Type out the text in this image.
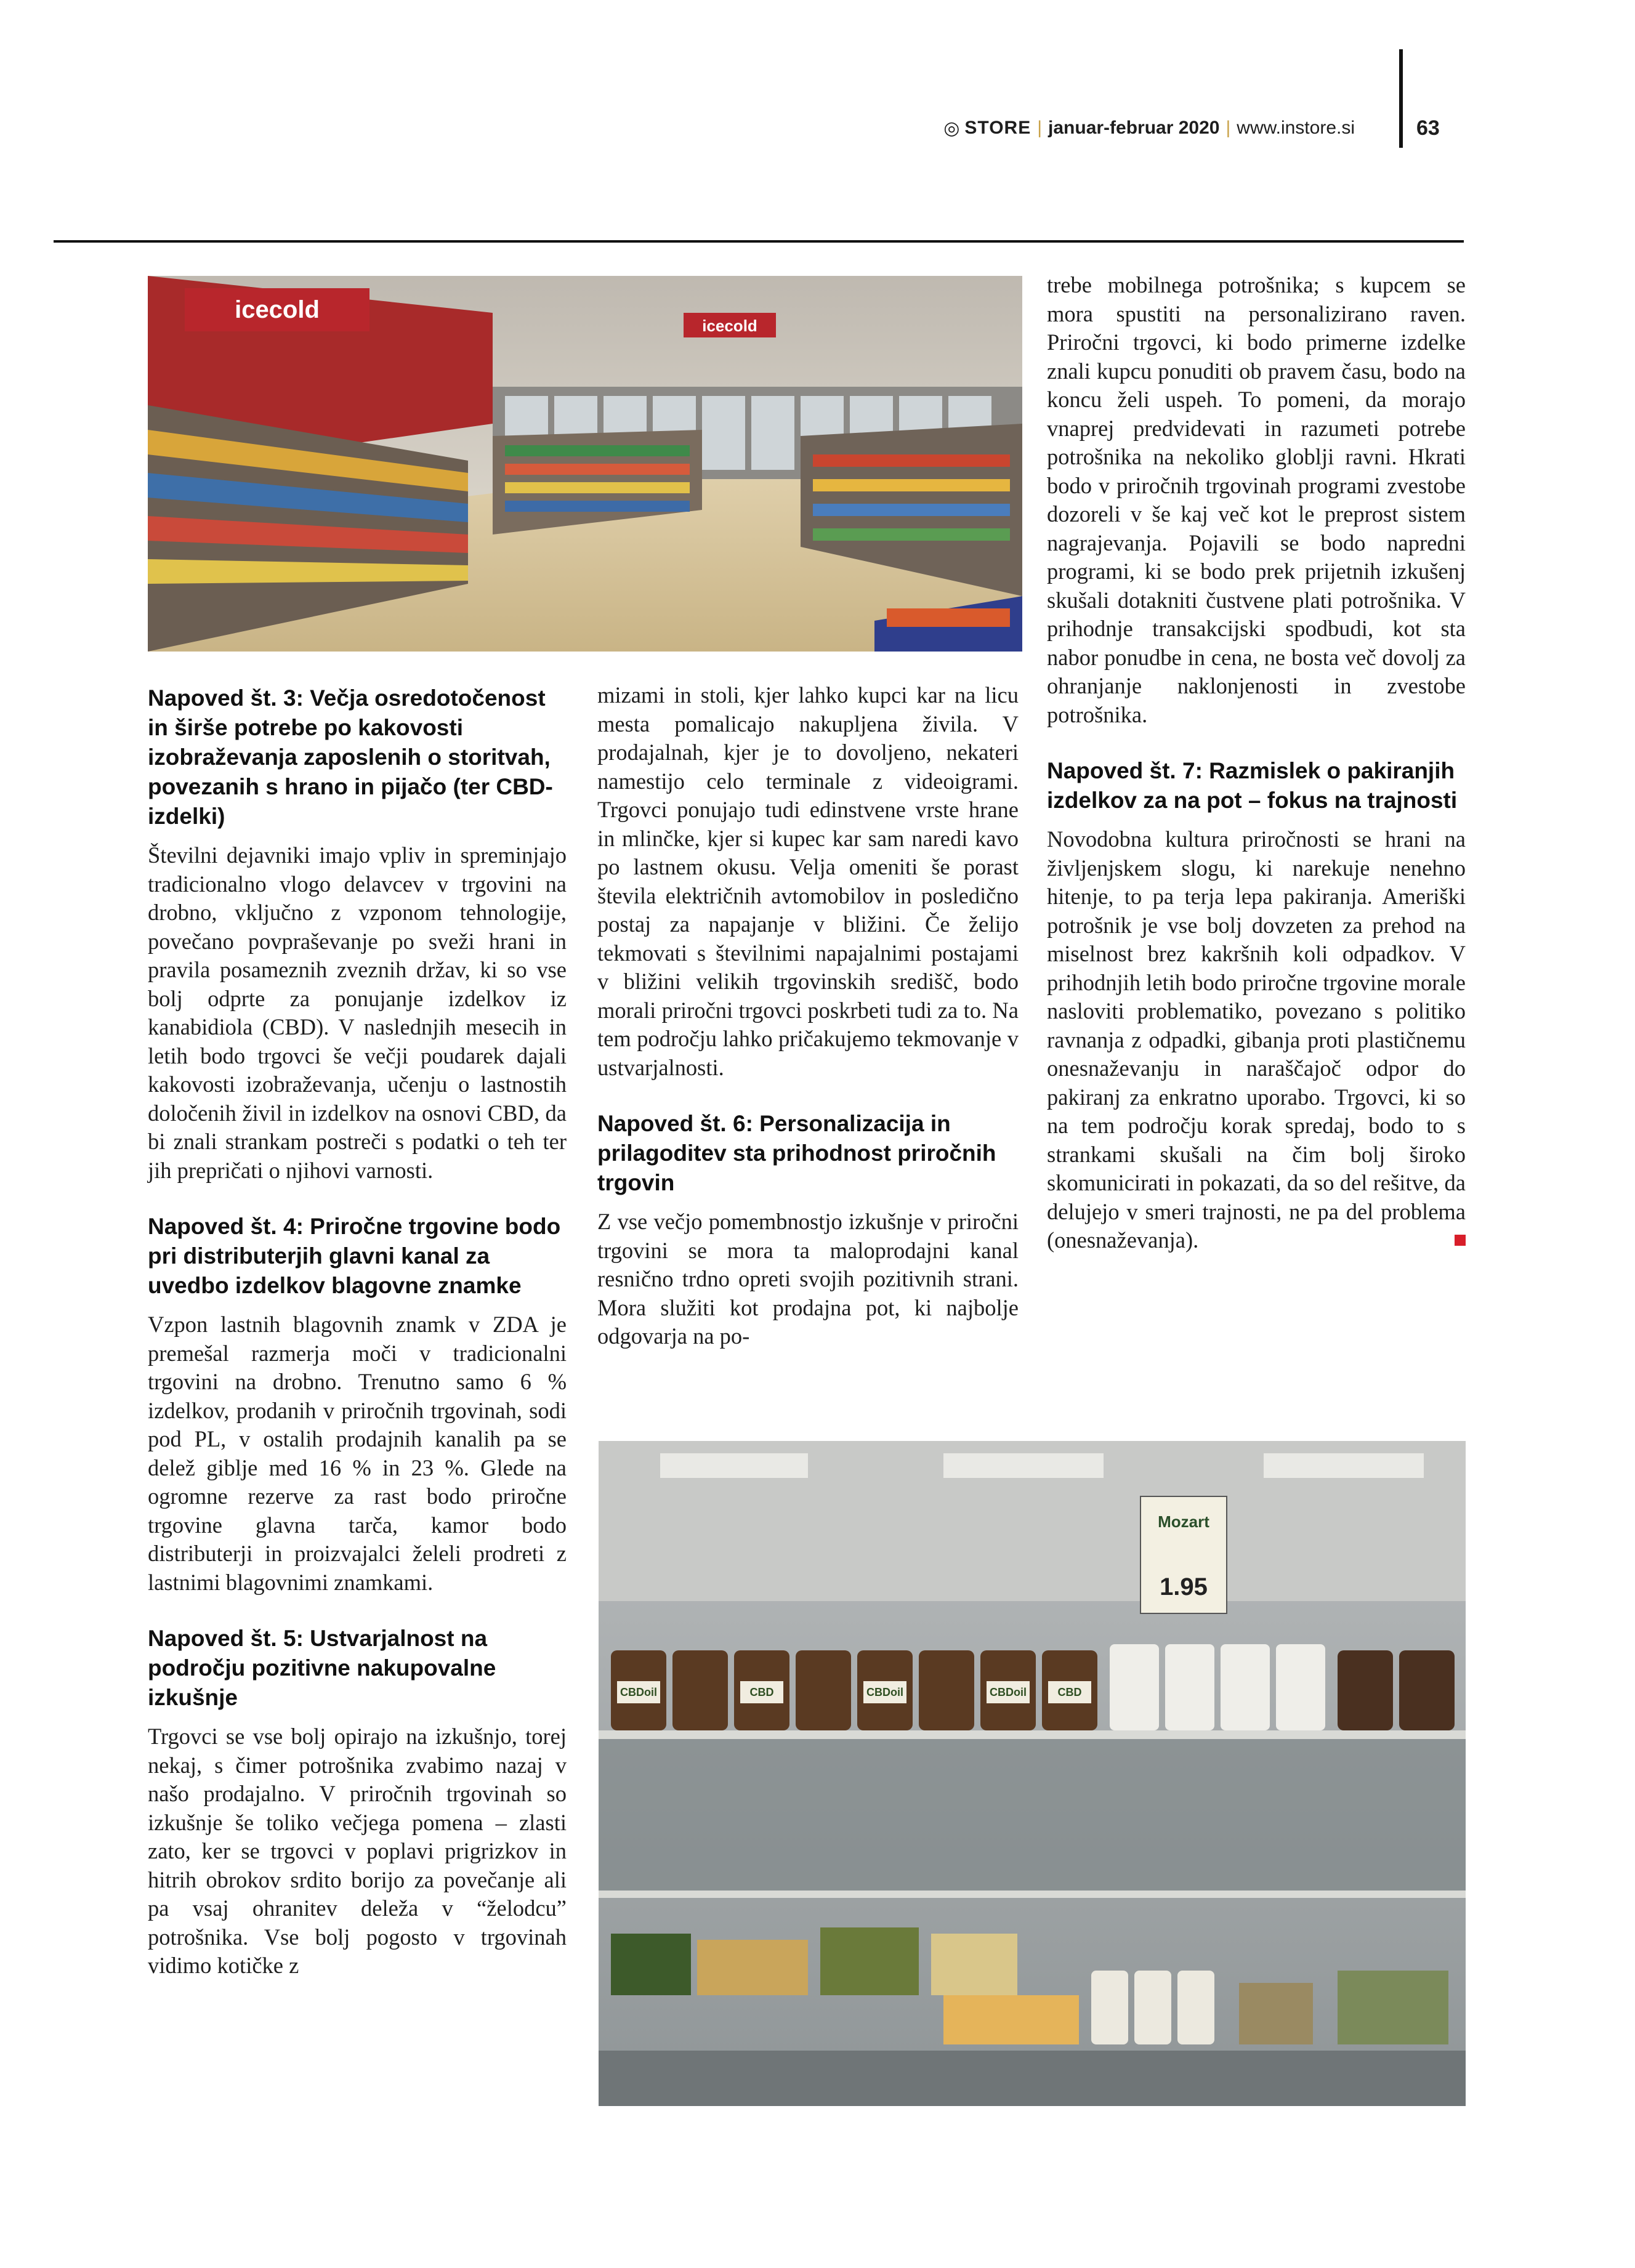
◎ STORE | januar-februar 2020 | www.instore.si	63
icecold
icecold
Napoved št. 3: Večja osredotočenost in širše potrebe po kakovosti izobraževanja zaposlenih o storitvah, povezanih s hrano in pijačo (ter CBD-izdelki)

Številni dejavniki imajo vpliv in spreminjajo tradicionalno vlogo delavcev v trgovini na drobno, vključno z vzponom tehnologije, povečano povpraševanje po sveži hrani in pravila posameznih zveznih držav, ki so vse bolj odprte za ponujanje izdelkov iz kanabidiola (CBD). V naslednjih mesecih in letih bodo trgovci še večji poudarek dajali kakovosti izobraževanja, učenju o lastnostih določenih živil in izdelkov na osnovi CBD, da bi znali strankam postreči s podatki o teh ter jih prepričati o njihovi varnosti.

Napoved št. 4: Priročne trgovine bodo pri distributerjih glavni kanal za uvedbo izdelkov blagovne znamke

Vzpon lastnih blagovnih znamk v ZDA je premešal razmerja moči v tradicionalni trgovini na drobno. Trenutno samo 6 % izdelkov, prodanih v priročnih trgovinah, sodi pod PL, v ostalih prodajnih kanalih pa se delež giblje med 16 % in 23 %. Glede na ogromne rezerve za rast bodo priročne trgovine glavna tarča, kamor bodo distributerji in proizvajalci želeli prodreti z lastnimi blagovnimi znamkami.

Napoved št. 5: Ustvarjalnost na področju pozitivne nakupovalne izkušnje

Trgovci se vse bolj opirajo na izkušnjo, torej nekaj, s čimer potrošnika zvabimo nazaj v našo prodajalno. V priročnih trgovinah so izkušnje še toliko večjega pomena – zlasti zato, ker se trgovci v poplavi prigrizkov in hitrih obrokov srdito borijo za povečanje ali pa vsaj ohranitev deleža v “želodcu” potrošnika. Vse bolj pogosto v trgovinah vidimo kotičke z

mizami in stoli, kjer lahko kupci kar na licu mesta pomalicajo nakupljena živila. V prodajalnah, kjer je to dovoljeno, nekateri namestijo celo terminale z videoigrami. Trgovci ponujajo tudi edinstvene vrste hrane in mlinčke, kjer si kupec kar sam naredi kavo po lastnem okusu. Velja omeniti še porast števila električnih avtomobilov in posledično postaj za napajanje v bližini. Če želijo tekmovati s številnimi napajalnimi postajami v bližini velikih trgovinskih središč, bodo morali priročni trgovci poskrbeti tudi za to. Na tem področju lahko pričakujemo tekmovanje v ustvarjalnosti.

Napoved št. 6: Personalizacija in prilagoditev sta prihodnost priročnih trgovin

Z vse večjo pomembnostjo izkušnje v priročni trgovini se mora ta maloprodajni kanal resnično trdno opreti svojih pozitivnih strani. Mora služiti kot prodajna pot, ki najbolje odgovarja na po-

trebe mobilnega potrošnika; s kupcem se mora spustiti na personalizirano raven. Priročni trgovci, ki bodo primerne izdelke znali kupcu ponuditi ob pravem času, bodo na koncu želi uspeh. To pomeni, da morajo vnaprej predvidevati in razumeti potrebe potrošnika na nekoliko globlji ravni. Hkrati bodo v priročnih trgovinah programi zvestobe dozoreli v še kaj več kot le preprost sistem nagrajevanja. Pojavili se bodo napredni programi, ki se bodo prek prijetnih izkušenj skušali dotakniti čustvene plati potrošnika. V prihodnje transakcijski spodbudi, kot sta nabor ponudbe in cena, ne bosta več dovolj za ohranjanje naklonjenosti in zvestobe potrošnika.

Napoved št. 7: Razmislek o pakiranjih izdelkov za na pot – fokus na trajnosti

Novodobna kultura priročnosti se hrani na življenjskem slogu, ki narekuje nenehno hitenje, to pa terja lepa pakiranja. Ameriški potrošnik je vse bolj dovzeten za prehod na miselnost brez kakršnih koli odpadkov. V prihodnjih letih bodo priročne trgovine morale nasloviti problematiko, povezano s politiko ravnanja z odpadki, gibanja proti plastičnemu onesnaževanju in naraščajoč odpor do pakiranj za enkratno uporabo. Trgovci, ki so na tem področju korak spredaj, bodo to s strankami skušali na čim bolj široko skomunicirati in pokazati, da so del rešitve, da delujejo v smeri trajnosti, ne pa del problema (onesnaževanja).

Mozart
1.95
CBDoil	CBD	CBDoil	CBDoil	CBD
